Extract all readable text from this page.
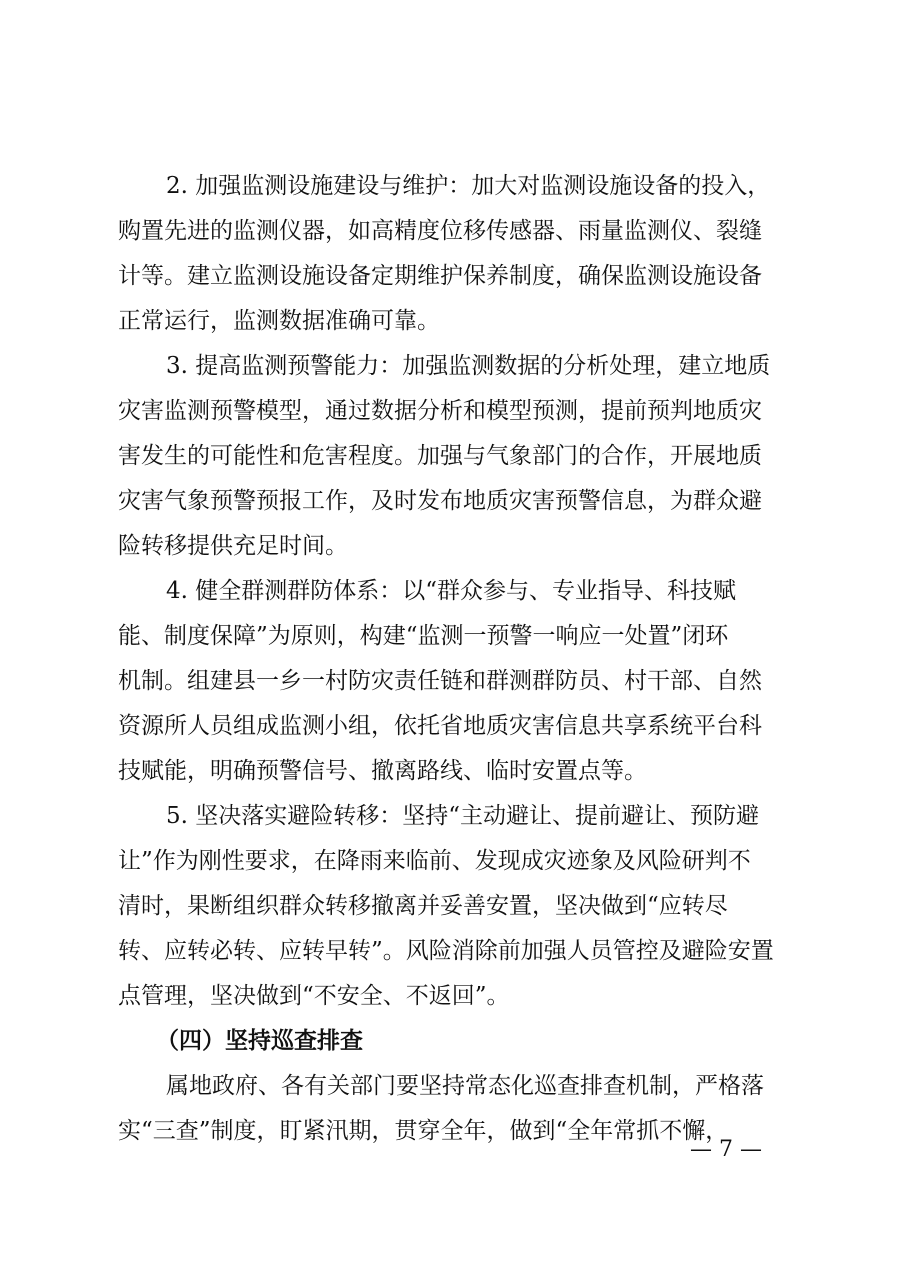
2. 加强监测设施建设与维护：加大对监测设施设备的投入，
购置先进的监测仪器，如高精度位移传感器、雨量监测仪、裂缝
计等。建立监测设施设备定期维护保养制度，确保监测设施设备
正常运行，监测数据准确可靠。
3. 提高监测预警能力：加强监测数据的分析处理，建立地质
灾害监测预警模型，通过数据分析和模型预测，提前预判地质灾
害发生的可能性和危害程度。加强与气象部门的合作，开展地质
灾害气象预警预报工作，及时发布地质灾害预警信息，为群众避
险转移提供充足时间。
4. 健全群测群防体系：以“群众参与、专业指导、科技赋
能、制度保障”为原则，构建“监测一预警一响应一处置”闭环
机制。组建县一乡一村防灾责任链和群测群防员、村干部、自然
资源所人员组成监测小组，依托省地质灾害信息共享系统平台科
技赋能，明确预警信号、撤离路线、临时安置点等。
5. 坚决落实避险转移：坚持“主动避让、提前避让、预防避
让”作为刚性要求，在降雨来临前、发现成灾迹象及风险研判不
清时，果断组织群众转移撤离并妥善安置，坚决做到“应转尽
转、应转必转、应转早转”。风险消除前加强人员管控及避险安置
点管理，坚决做到“不安全、不返回”。
（四）坚持巡查排查
属地政府、各有关部门要坚持常态化巡查排查机制，严格落
实“三查”制度，盯紧汛期，贯穿全年，做到“全年常抓不懈，
— 7 —
